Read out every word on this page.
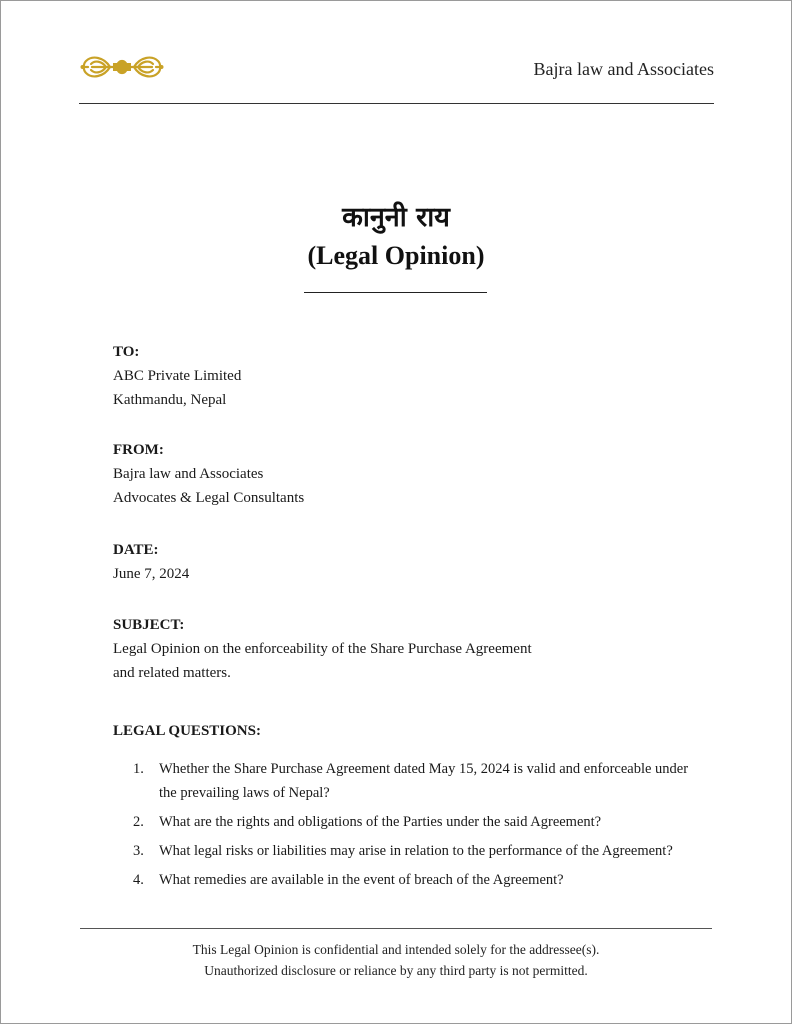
Bajra law and Associates
कानुनी राय
(Legal Opinion)
TO:
ABC Private Limited
Kathmandu, Nepal
FROM:
Bajra law and Associates
Advocates & Legal Consultants
DATE:
June 7, 2024
SUBJECT:
Legal Opinion on the enforceability of the Share Purchase Agreement
and related matters.
LEGAL QUESTIONS:
1. Whether the Share Purchase Agreement dated May 15, 2024 is valid and enforceable under the prevailing laws of Nepal?
2. What are the rights and obligations of the Parties under the said Agreement?
3. What legal risks or liabilities may arise in relation to the performance of the Agreement?
4. What remedies are available in the event of breach of the Agreement?
This Legal Opinion is confidential and intended solely for the addressee(s).
Unauthorized disclosure or reliance by any third party is not permitted.
